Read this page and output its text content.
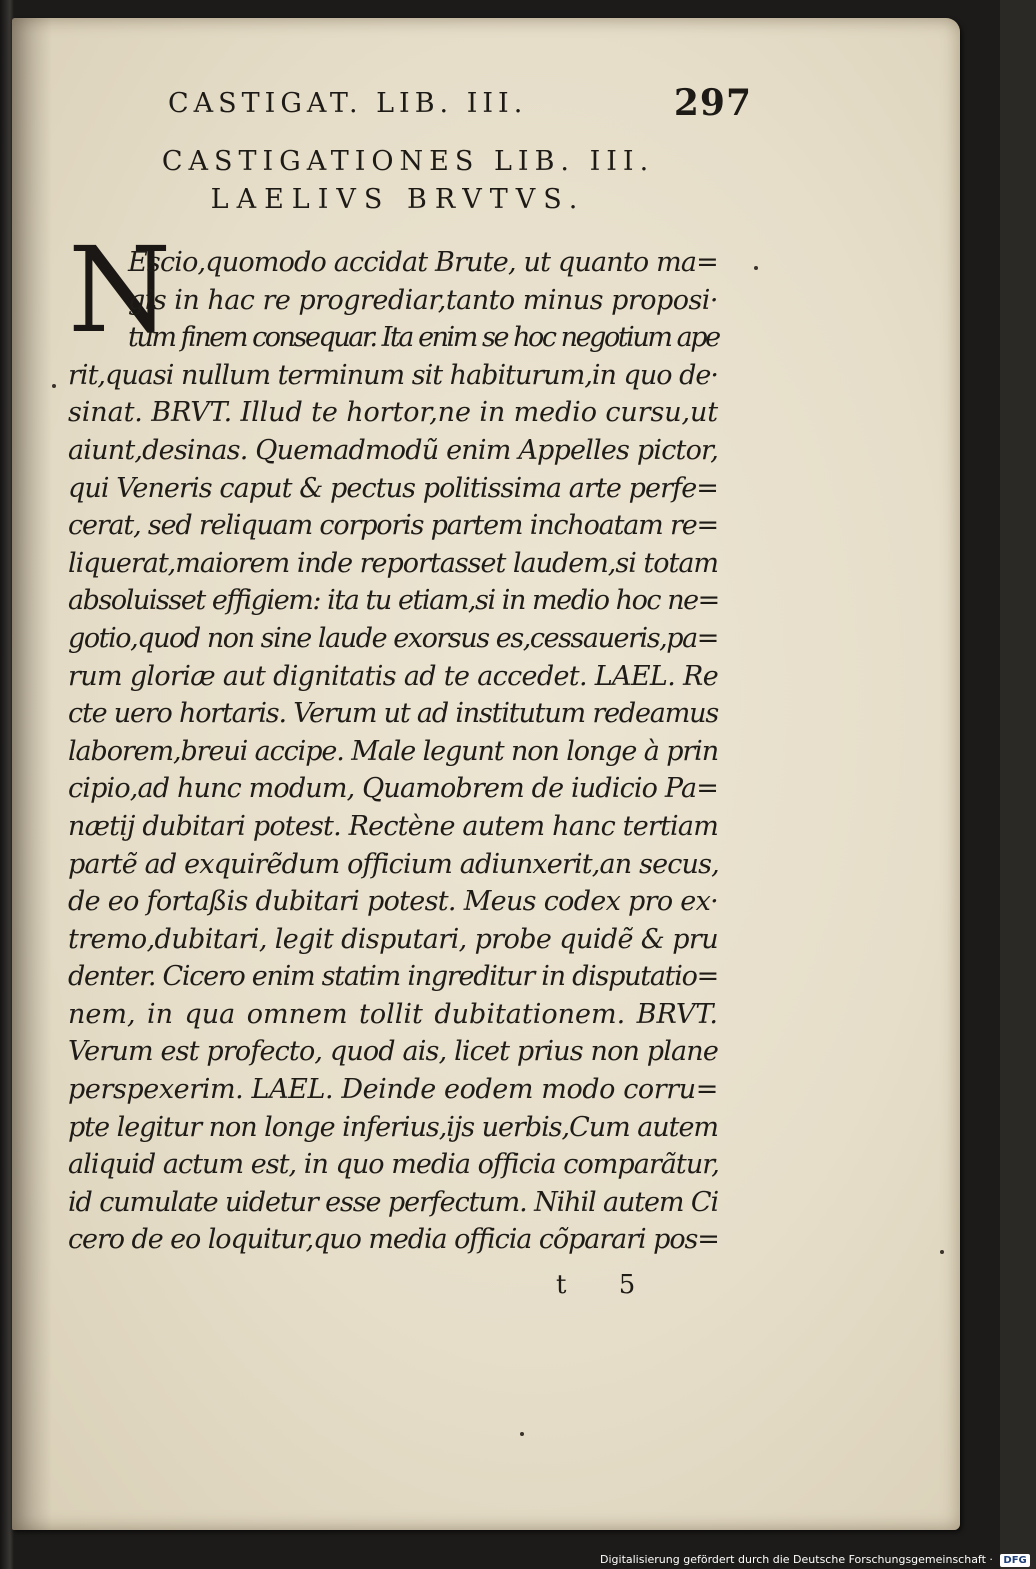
CASTIGAT. LIB. III.	297
CASTIGATIONES LIB. III.
LAELIVS BRVTVS.
N
Escio,quomodo accidat Brute, ut quanto ma=
gis in hac re progrediar,tanto minus proposi·
tum finem consequar. Ita enim se hoc negotium ape
rit,quasi nullum terminum sit habiturum,in quo de·
sinat. BRVT. Illud te hortor,ne in medio cursu,ut
aiunt,desinas. Quemadmodũ enim Appelles pictor,
qui Veneris caput & pectus politissima arte perfe=
cerat, sed reliquam corporis partem inchoatam re=
liquerat,maiorem inde reportasset laudem,si totam
absoluisset effigiem: ita tu etiam,si in medio hoc ne=
gotio,quod non sine laude exorsus es,cessaueris,pa=
rum gloriæ aut dignitatis ad te accedet. LAEL. Re
cte uero hortaris. Verum ut ad institutum redeamus
laborem,breui accipe. Male legunt non longe à prin
cipio,ad hunc modum, Quamobrem de iudicio Pa=
nætij dubitari potest. Rectène autem hanc tertiam
partẽ ad exquirẽdum officium adiunxerit,an secus,
de eo fortaßis dubitari potest. Meus codex pro ex·
tremo,dubitari, legit disputari, probe quidẽ & pru
denter. Cicero enim statim ingreditur in disputatio=
nem, in qua omnem tollit dubitationem. BRVT.
Verum est profecto, quod ais, licet prius non plane
perspexerim. LAEL. Deinde eodem modo corru=
pte legitur non longe inferius,ijs uerbis,Cum autem
aliquid actum est, in quo media officia comparãtur,
id cumulate uidetur esse perfectum. Nihil autem Ci
cero de eo loquitur,quo media officia cõparari pos=
t 5
Digitalisierung gefördert durch die Deutsche Forschungsgemeinschaft · DFG
